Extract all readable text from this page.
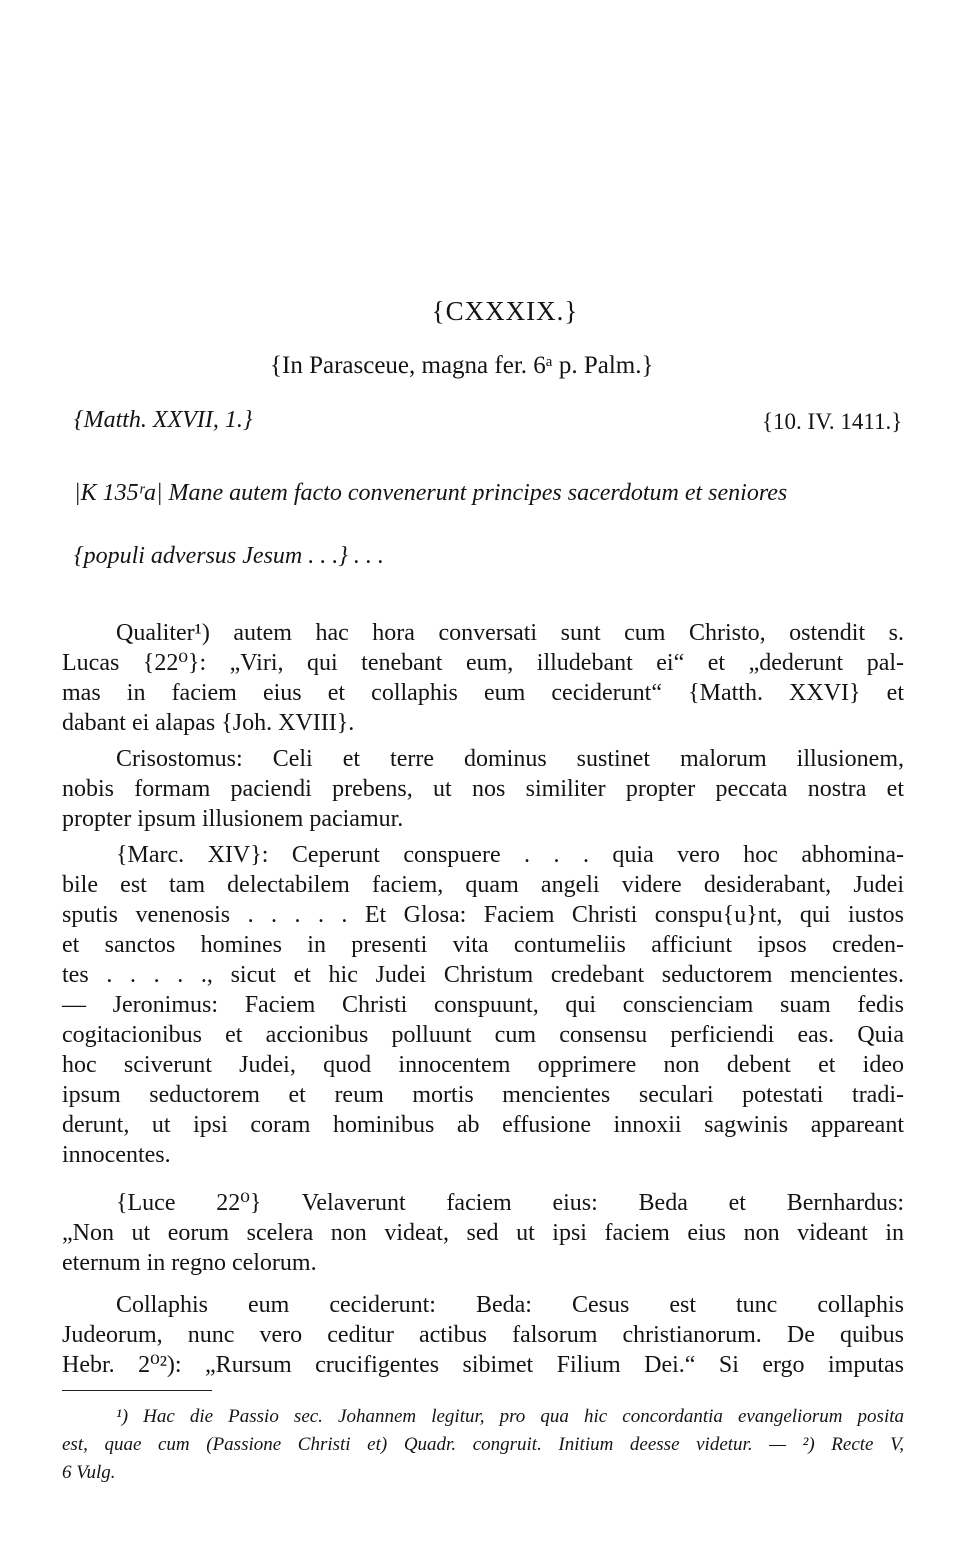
{CXXXIX.}
{In Parasceue, magna fer. 6ᵃ p. Palm.}
{Matth. XXVII, 1.}	{10. IV. 1411.}
|K 135ʳa| Mane autem facto convenerunt principes sacerdotum et seniores
{populi adversus Jesum . . .} . . .
Qualiter¹) autem hac hora conversati sunt cum Christo, ostendit s.
Lucas {22⁰}: „Viri, qui tenebant eum, illudebant ei“ et „dederunt pal-
mas in faciem eius et collaphis eum ceciderunt“ {Matth. XXVI} et
dabant ei alapas {Joh. XVIII}.
Crisostomus: Celi et terre dominus sustinet malorum illusionem,
nobis formam paciendi prebens, ut nos similiter propter peccata nostra et
propter ipsum illusionem paciamur.
{Marc. XIV}: Ceperunt conspuere . . . quia vero hoc abhomina-
bile est tam delectabilem faciem, quam angeli videre desiderabant, Judei
sputis venenosis . . . . . Et Glosa: Faciem Christi conspu{u}nt, qui iustos
et sanctos homines in presenti vita contumeliis afficiunt ipsos creden-
tes . . . . ., sicut et hic Judei Christum credebant seductorem mencientes.
— Jeronimus: Faciem Christi conspuunt, qui conscienciam suam fedis
cogitacionibus et accionibus polluunt cum consensu perficiendi eas. Quia
hoc sciverunt Judei, quod innocentem opprimere non debent et ideo
ipsum seductorem et reum mortis mencientes seculari potestati tradi-
derunt, ut ipsi coram hominibus ab effusione innoxii sagwinis appareant
innocentes.
{Luce 22⁰} Velaverunt faciem eius: Beda et Bernhardus:
„Non ut eorum scelera non videat, sed ut ipsi faciem eius non videant in
eternum in regno celorum.
Collaphis eum ceciderunt: Beda: Cesus est tunc collaphis
Judeorum, nunc vero ceditur actibus falsorum christianorum. De quibus
Hebr. 2⁰²): „Rursum crucifigentes sibimet Filium Dei.“ Si ergo imputas
¹) Hac die Passio sec. Johannem legitur, pro qua hic concordantia evangeliorum posita
est, quae cum (Passione Christi et) Quadr. congruit. Initium deesse videtur. — ²) Recte V,
6 Vulg.
